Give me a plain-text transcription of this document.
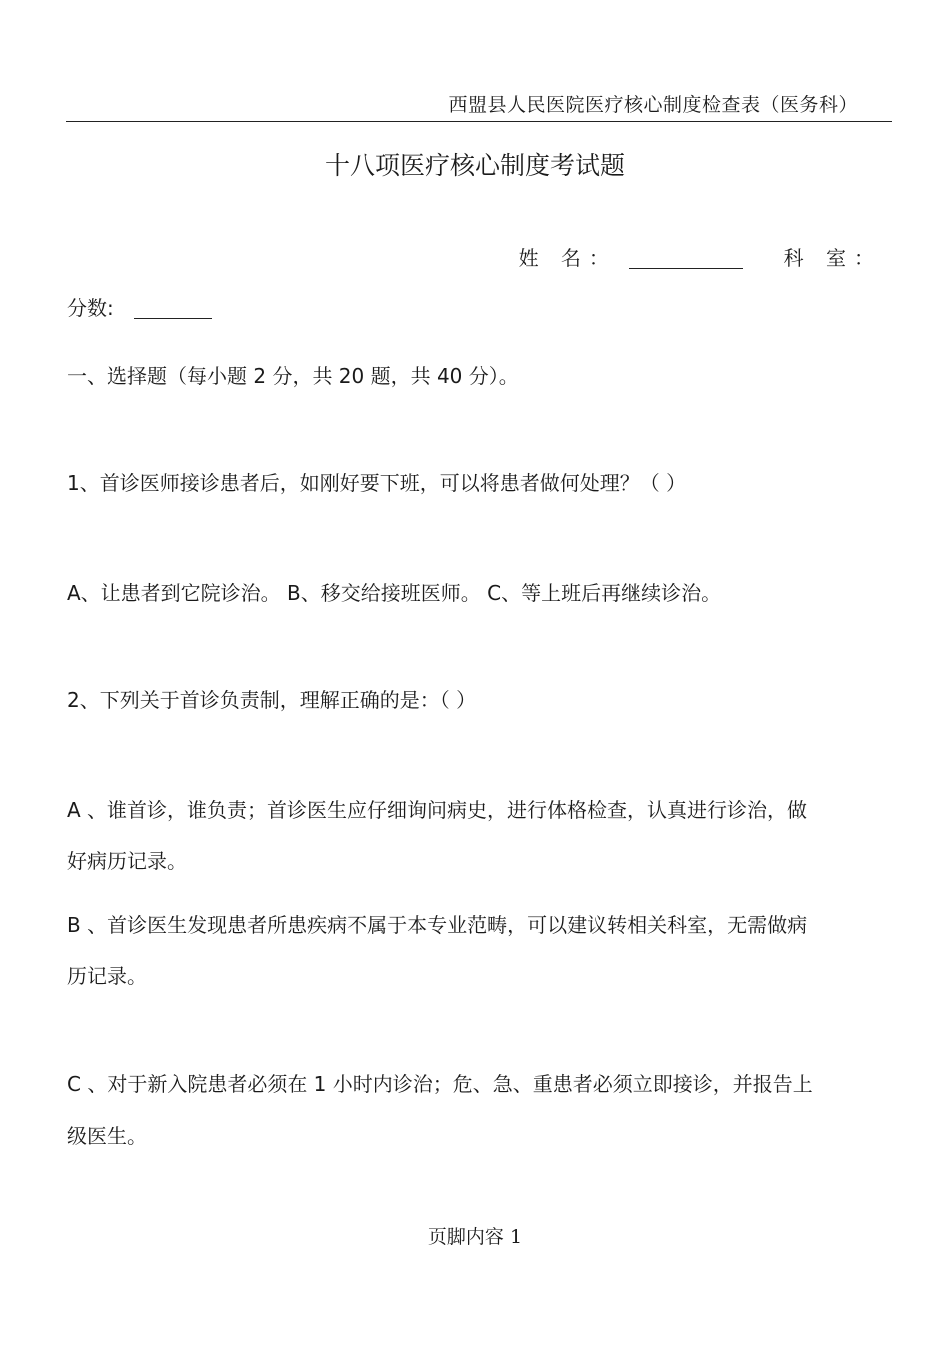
西盟县人民医院医疗核心制度检查表（医务科）
十八项医疗核心制度考试题
姓 名：	科 室：
分数:
一、选择题（每小题 2 分，共 20 题，共 40 分）。
1、首诊医师接诊患者后，如刚好要下班，可以将患者做何处理？（ ）
A、让患者到它院诊治。 B、移交给接班医师。 C、等上班后再继续诊治。
2、下列关于首诊负责制，理解正确的是：（ ）
A 、谁首诊，谁负责；首诊医生应仔细询问病史，进行体格检查，认真进行诊治，做
好病历记录。
B 、首诊医生发现患者所患疾病不属于本专业范畴，可以建议转相关科室，无需做病
历记录。
C 、对于新入院患者必须在 1 小时内诊治；危、急、重患者必须立即接诊，并报告上
级医生。
页脚内容 1
